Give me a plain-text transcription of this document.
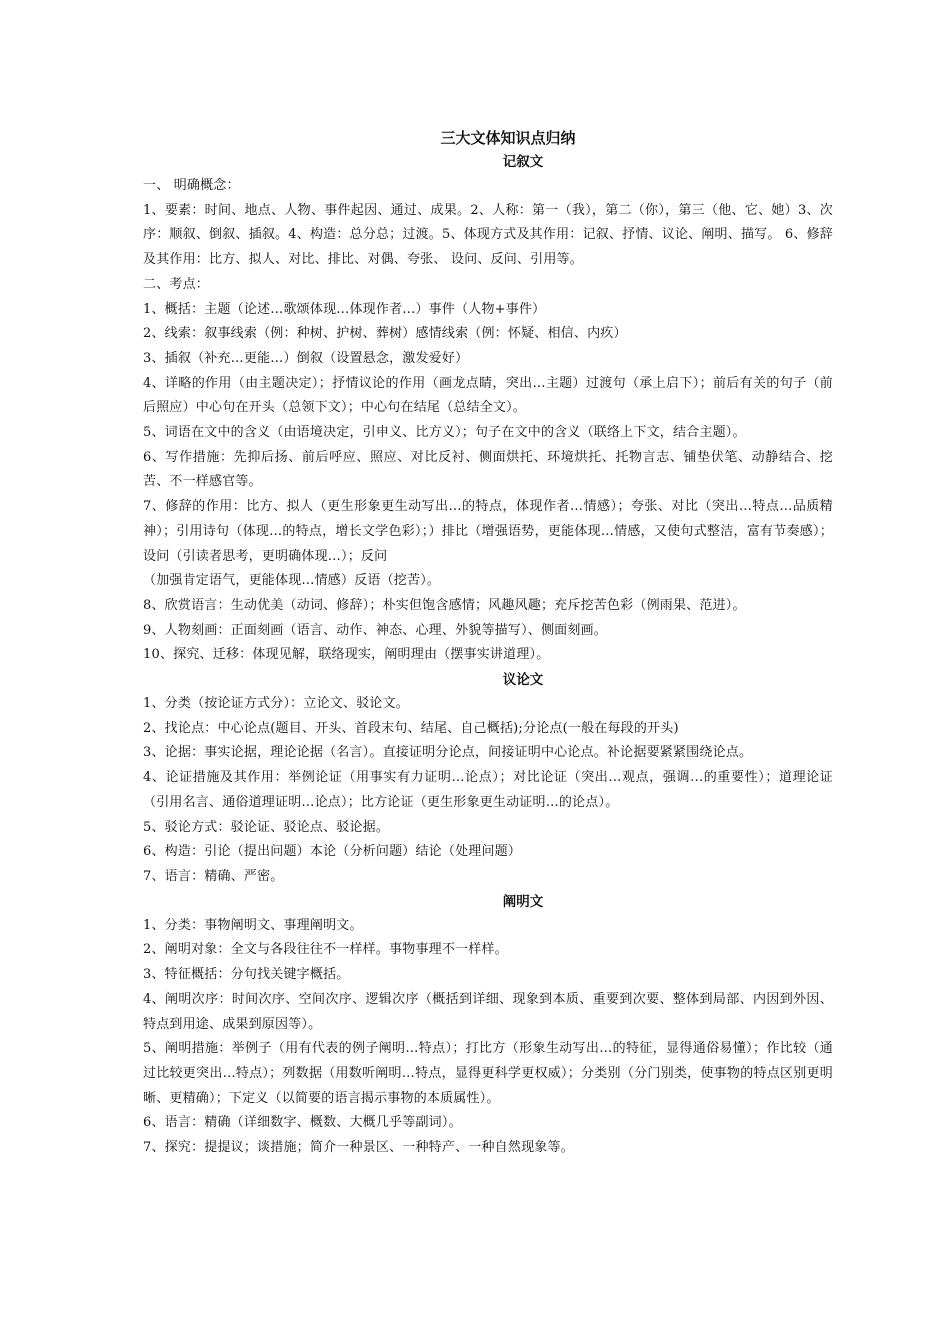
三大文体知识点归纳

记叙文

一、 明确概念：

1、要素：时间、地点、人物、事件起因、通过、成果。2、人称：第一（我），第二（你），第三（他、它、她）3、次序：顺叙、倒叙、插叙。4、构造：总分总；过渡。5、体现方式及其作用：记叙、抒情、议论、阐明、描写。 6、修辞及其作用：比方、拟人、对比、排比、对偶、夸张、 设问、反问、引用等。

二、考点：

1、概括：主题（论述…歌颂体现…体现作者…）事件（人物+事件）

2、线索：叙事线索（例：种树、护树、葬树）感情线索（例：怀疑、相信、内疚）

3、插叙（补充…更能…）倒叙（设置悬念，激发爱好）

4、详略的作用（由主题决定）；抒情议论的作用（画龙点睛，突出…主题）过渡句（承上启下）；前后有关的句子（前后照应）中心句在开头（总领下文）；中心句在结尾（总结全文）。

5、词语在文中的含义（由语境决定，引申义、比方义）；句子在文中的含义（联络上下文，结合主题）。

6、写作措施：先抑后扬、前后呼应、照应、对比反衬、侧面烘托、环境烘托、托物言志、铺垫伏笔、动静结合、挖苦、不一样感官等。

7、修辞的作用：比方、拟人（更生形象更生动写出…的特点，体现作者…情感）；夸张、对比（突出…特点…品质精神）；引用诗句（体现…的特点，增长文学色彩）；）排比（增强语势，更能体现…情感，又使句式整洁，富有节奏感）；设问（引读者思考，更明确体现…）；反问

（加强肯定语气，更能体现…情感）反语（挖苦）。

8、欣赏语言：生动优美（动词、修辞）；朴实但饱含感情；风趣风趣；充斥挖苦色彩（例雨果、范进）。

9、人物刻画：正面刻画（语言、动作、神态、心理、外貌等描写）、侧面刻画。

10、探究、迁移：体现见解，联络现实，阐明理由（摆事实讲道理）。

议论文

1、分类（按论证方式分）：立论文、驳论文。

2、找论点：中心论点(题目、开头、首段末句、结尾、自己概括);分论点(一般在每段的开头)

3、论据：事实论据，理论论据（名言）。直接证明分论点，间接证明中心论点。补论据要紧紧围绕论点。

4、论证措施及其作用：举例论证（用事实有力证明…论点）；对比论证（突出…观点，强调…的重要性）；道理论证（引用名言、通俗道理证明…论点）；比方论证（更生形象更生动证明…的论点）。

5、驳论方式：驳论证、驳论点、驳论据。

6、构造：引论（提出问题）本论（分析问题）结论（处理问题）

7、语言：精确、严密。

阐明文

1、分类：事物阐明文、事理阐明文。

2、阐明对象：全文与各段往往不一样样。事物事理不一样样。

3、特征概括：分句找关键字概括。

4、阐明次序：时间次序、空间次序、逻辑次序（概括到详细、现象到本质、重要到次要、整体到局部、内因到外因、特点到用途、成果到原因等）。

5、阐明措施：举例子（用有代表的例子阐明…特点）；打比方（形象生动写出…的特征，显得通俗易懂）；作比较（通过比较更突出…特点）；列数据（用数听阐明…特点，显得更科学更权威）；分类别（分门别类，使事物的特点区别更明晰、更精确）；下定义（以简要的语言揭示事物的本质属性）。

6、语言：精确（详细数字、概数、大概几乎等副词）。

7、探究：提提议；谈措施；简介一种景区、一种特产、一种自然现象等。
